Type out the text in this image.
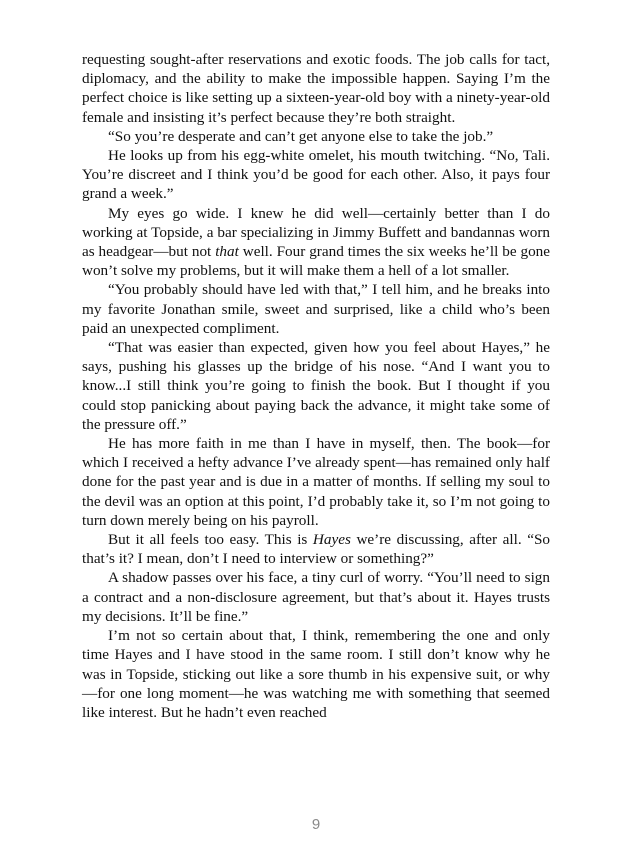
requesting sought-after reservations and exotic foods. The job calls for tact, diplomacy, and the ability to make the impossible happen. Saying I’m the perfect choice is like setting up a sixteen-year-old boy with a ninety-year-old female and insisting it’s perfect because they’re both straight.

“So you’re desperate and can’t get anyone else to take the job.”

He looks up from his egg-white omelet, his mouth twitching. “No, Tali. You’re discreet and I think you’d be good for each other. Also, it pays four grand a week.”

My eyes go wide. I knew he did well—certainly better than I do working at Topside, a bar specializing in Jimmy Buffett and bandannas worn as headgear—but not that well. Four grand times the six weeks he’ll be gone won’t solve my problems, but it will make them a hell of a lot smaller.

“You probably should have led with that,” I tell him, and he breaks into my favorite Jonathan smile, sweet and surprised, like a child who’s been paid an unexpected compliment.

“That was easier than expected, given how you feel about Hayes,” he says, pushing his glasses up the bridge of his nose. “And I want you to know...I still think you’re going to finish the book. But I thought if you could stop panicking about paying back the advance, it might take some of the pressure off.”

He has more faith in me than I have in myself, then. The book—for which I received a hefty advance I’ve already spent—has remained only half done for the past year and is due in a matter of months. If selling my soul to the devil was an option at this point, I’d probably take it, so I’m not going to turn down merely being on his payroll.

But it all feels too easy. This is Hayes we’re discussing, after all. “So that’s it? I mean, don’t I need to interview or something?”

A shadow passes over his face, a tiny curl of worry. “You’ll need to sign a contract and a non-disclosure agreement, but that’s about it. Hayes trusts my decisions. It’ll be fine.”

I’m not so certain about that, I think, remembering the one and only time Hayes and I have stood in the same room. I still don’t know why he was in Topside, sticking out like a sore thumb in his expensive suit, or why—for one long moment—he was watching me with something that seemed like interest. But he hadn’t even reached

9
